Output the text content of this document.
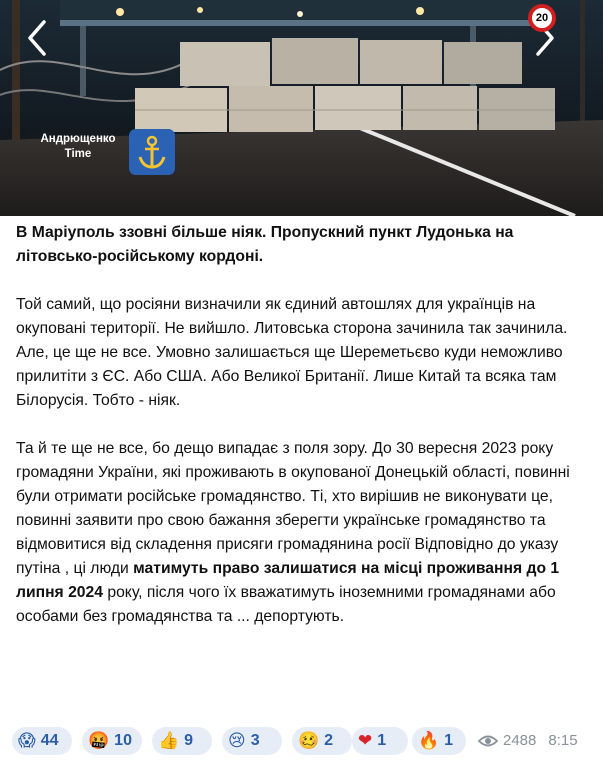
20
Андрющенко
Time

В Маріуполь ззовні більше ніяк. Пропускний пункт Лудонька на літовсько-російському кордоні.

Той самий, що росіяни визначили як єдиний автошлях для українців на окуповані території. Не вийшло. Литовська сторона зачинила так зачинила.

Але, це ще не все. Умовно залишається ще Шереметьєво куди неможливо прилитіти з ЄС. Або США. Або Великої Британії. Лише Китай та всяка там Білорусія. Тобто - ніяк.

Та й те ще не все, бо дещо випадає з поля зору. До 30 вересня 2023 року громадяни України, які проживають в окупованої Донецькій області, повинні були отримати російське громадянство. Ті, хто вирішив не виконувати це, повинні заявити про свою бажання зберегти українське громадянство та відмовитися від складення присяги громадянина росії Відповідно до указу путіна , ці люди матимуть право залишатися на місці проживання до 1 липня 2024 року, після чого їх вважатимуть іноземними громадянами або особами без громадянства та ... депортують.

😱 44 🤬 10 👍 9 😢 3 🥴 2 ❤ 1 🔥 1	2488 8:15
